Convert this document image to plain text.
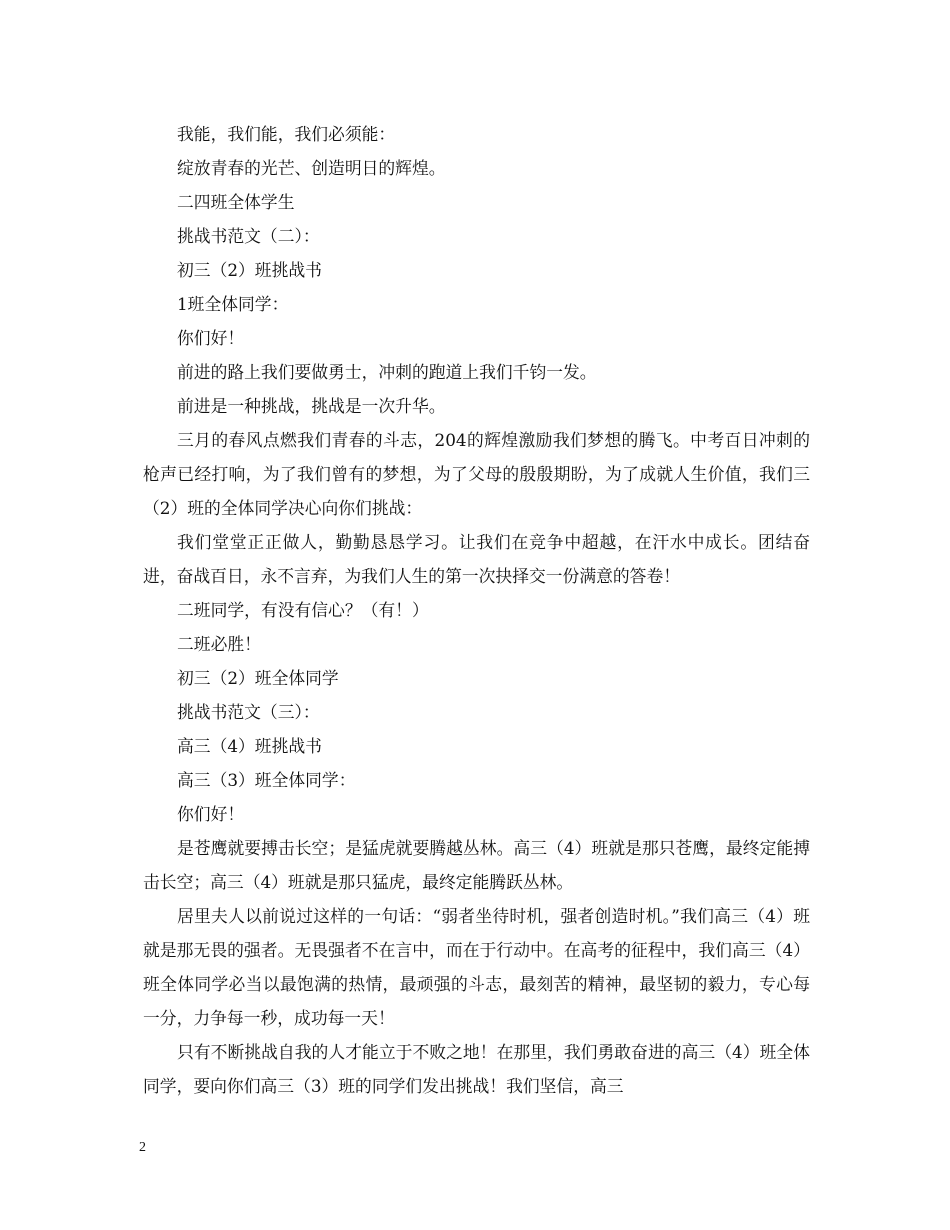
我能，我们能，我们必须能：

绽放青春的光芒、创造明日的辉煌。

二四班全体学生

挑战书范文（二）：

初三（2）班挑战书

1班全体同学：

你们好！

前进的路上我们要做勇士，冲刺的跑道上我们千钧一发。

前进是一种挑战，挑战是一次升华。

三月的春风点燃我们青春的斗志，204的辉煌激励我们梦想的腾飞。中考百日冲刺的枪声已经打响，为了我们曾有的梦想，为了父母的殷殷期盼，为了成就人生价值，我们三（2）班的全体同学决心向你们挑战：

我们堂堂正正做人，勤勤恳恳学习。让我们在竞争中超越，在汗水中成长。团结奋进，奋战百日，永不言弃，为我们人生的第一次抉择交一份满意的答卷！

二班同学，有没有信心？（有！）

二班必胜！

初三（2）班全体同学

挑战书范文（三）：

高三（4）班挑战书

高三（3）班全体同学：

你们好！

是苍鹰就要搏击长空；是猛虎就要腾越丛林。高三（4）班就是那只苍鹰，最终定能搏击长空；高三（4）班就是那只猛虎，最终定能腾跃丛林。

居里夫人以前说过这样的一句话：“弱者坐待时机，强者创造时机。”我们高三（4）班就是那无畏的强者。无畏强者不在言中，而在于行动中。在高考的征程中，我们高三（4）班全体同学必当以最饱满的热情，最顽强的斗志，最刻苦的精神，最坚韧的毅力，专心每一分，力争每一秒，成功每一天！

只有不断挑战自我的人才能立于不败之地！在那里，我们勇敢奋进的高三（4）班全体同学，要向你们高三（3）班的同学们发出挑战！我们坚信，高三

2
